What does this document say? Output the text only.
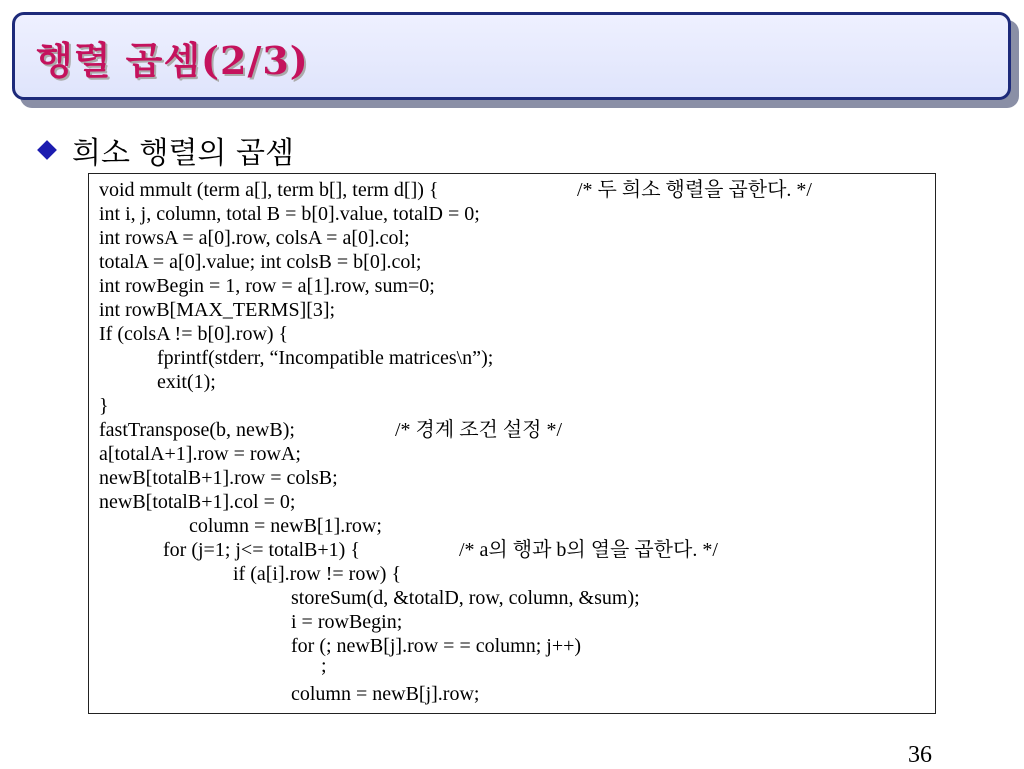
행렬 곱셈(2/3)
희소 행렬의 곱셈
void mmult (term a[], term b[], term d[]) {	/* 두 희소 행렬을 곱한다. */
int i, j, column, total B = b[0].value, totalD = 0;
int rowsA = a[0].row, colsA = a[0].col;
totalA = a[0].value; int colsB = b[0].col;
int rowBegin = 1, row = a[1].row, sum=0;
int rowB[MAX_TERMS][3];
If (colsA != b[0].row) {
fprintf(stderr, “Incompatible matrices\n”);
exit(1);
}
fastTranspose(b, newB);	/* 경계 조건 설정 */
a[totalA+1].row = rowA;
newB[totalB+1].row = colsB;
newB[totalB+1].col = 0;
column = newB[1].row;
for (j=1; j<= totalB+1) {	/* a의 행과 b의 열을 곱한다. */
if (a[i].row != row) {
storeSum(d, &totalD, row, column, &sum);
i = rowBegin;
for (; newB[j].row = = column; j++)
;
column = newB[j].row;
36
